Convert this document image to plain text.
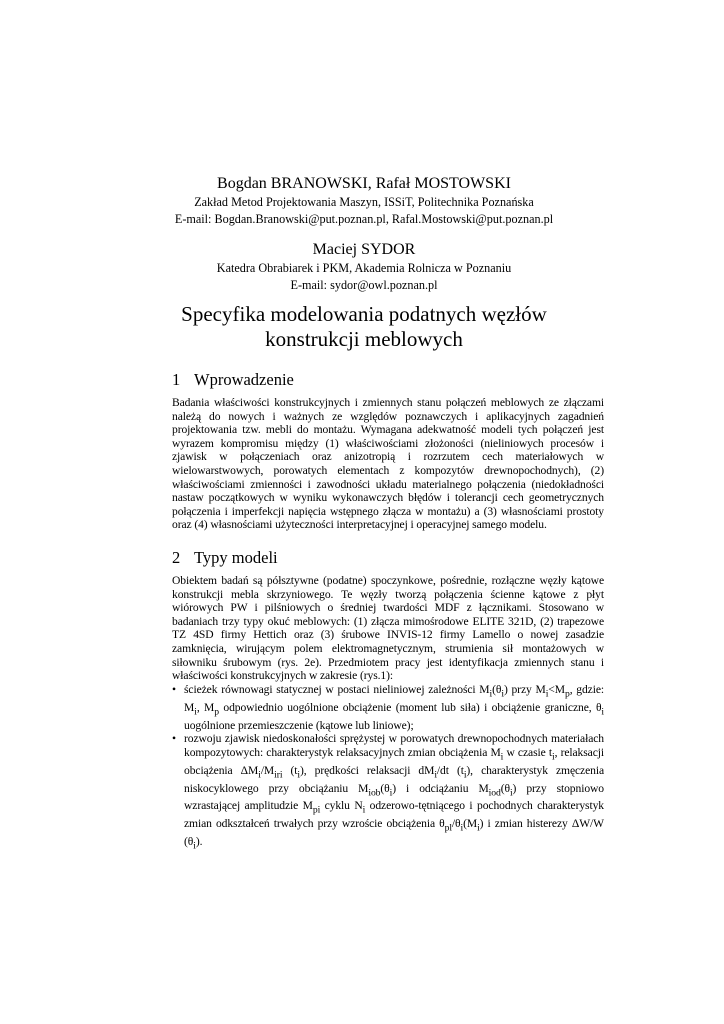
Bogdan BRANOWSKI, Rafał MOSTOWSKI

Zakład Metod Projektowania Maszyn, ISSiT, Politechnika Poznańska

E-mail: Bogdan.Branowski@put.poznan.pl, Rafal.Mostowski@put.poznan.pl

Maciej SYDOR

Katedra Obrabiarek i PKM, Akademia Rolnicza w Poznaniu

E-mail: sydor@owl.poznan.pl

Specyfika modelowania podatnych węzłów
konstrukcji meblowych
1 Wprowadzenie

Badania właściwości konstrukcyjnych i zmiennych stanu połączeń meblowych ze złączami należą do nowych i ważnych ze względów poznawczych i aplikacyjnych zagadnień projektowania tzw. mebli do montażu. Wymagana adekwatność modeli tych połączeń jest wyrazem kompromisu między (1) właściwościami złożoności (nieliniowych procesów i zjawisk w połączeniach oraz anizotropią i rozrzutem cech materiałowych w wielowarstwowych, porowatych elementach z kompozytów drewnopochodnych), (2) właściwościami zmienności i zawodności układu materialnego połączenia (niedokładności nastaw początkowych w wyniku wykonawczych błędów i tolerancji cech geometrycznych połączenia i imperfekcji napięcia wstępnego złącza w montażu) a (3) własnościami prostoty oraz (4) własnościami użyteczności interpretacyjnej i operacyjnej samego modelu.

2 Typy modeli

Obiektem badań są półsztywne (podatne) spoczynkowe, pośrednie, rozłączne węzły kątowe konstrukcji mebla skrzyniowego. Te węzły tworzą połączenia ścienne kątowe z płyt wiórowych PW i pilśniowych o średniej twardości MDF z łącznikami. Stosowano w badaniach trzy typy okuć meblowych: (1) złącza mimośrodowe ELITE 321D, (2) trapezowe TZ 4SD firmy Hettich oraz (3) śrubowe INVIS-12 firmy Lamello o nowej zasadzie zamknięcia, wirującym polem elektromagnetycznym, strumienia sił montażowych w siłowniku śrubowym (rys. 2e). Przedmiotem pracy jest identyfikacja zmiennych stanu i właściwości konstrukcyjnych w zakresie (rys.1):

• ścieżek równowagi statycznej w postaci nieliniowej zależności $M_i(\theta_i)$ przy $M_i<M_p$, gdzie: $M_i$, $M_p$ odpowiednio uogólnione obciążenie (moment lub siła) i obciążenie graniczne, $\theta_i$ uogólnione przemieszczenie (kątowe lub liniowe);
• rozwoju zjawisk niedoskonałości sprężystej w porowatych drewnopochodnych materiałach kompozytowych: charakterystyk relaksacyjnych zmian obciążenia $M_i$ w czasie $t_i$, relaksacji obciążenia $\Delta M_i/M_{iri}$ $(t_i)$, prędkości relaksacji $dM_i/dt$ $(t_i)$, charakterystyk zmęczenia niskocyklowego przy obciążaniu $M_{iob}(\theta_i)$ i odciążaniu $M_{iod}(\theta_i)$ przy stopniowo wzrastającej amplitudzie $M_{pi}$ cyklu $N_i$ odzerowo-tętniącego i pochodnych charakterystyk zmian odkształceń trwałych przy wzroście obciążenia $\theta_{pl}/\theta_i(M_i)$ i zmian histerezy ΔW/W $(\theta_i)$.
